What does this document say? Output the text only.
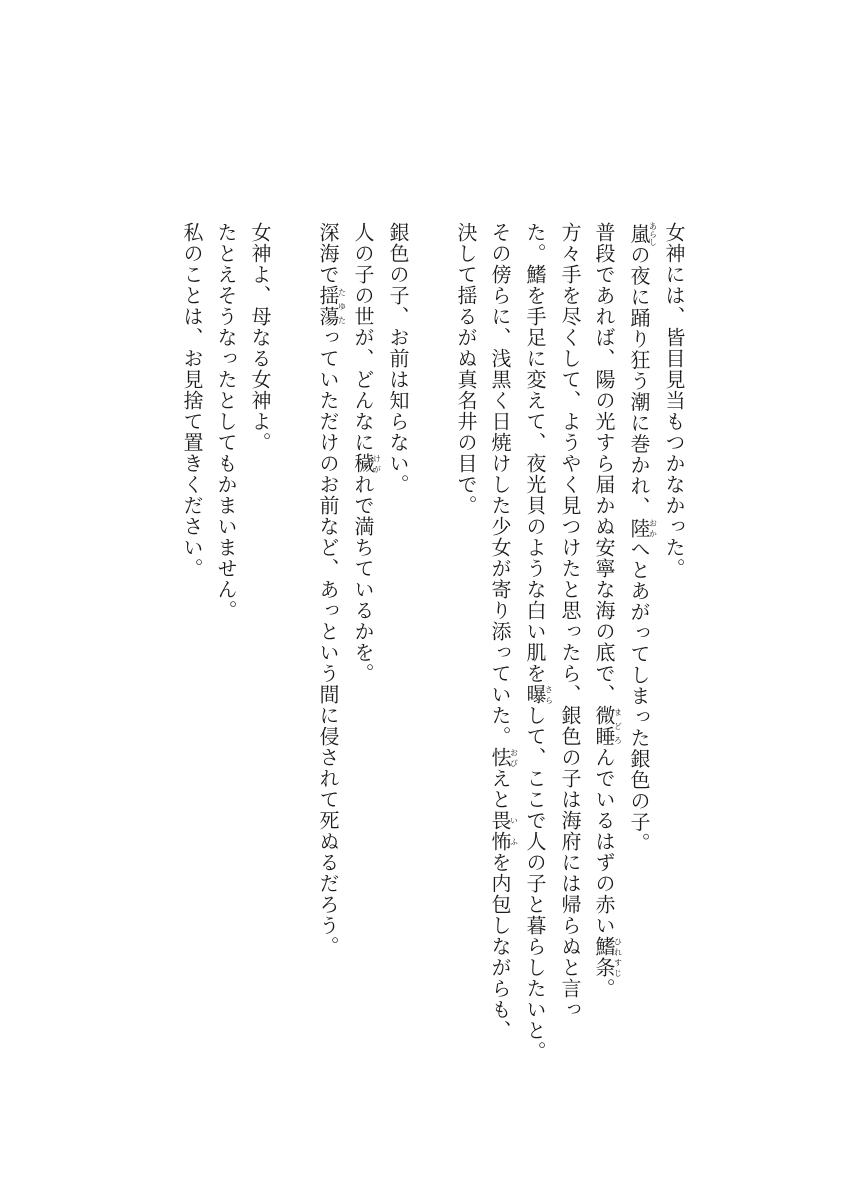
女神には、皆目見当もつかなかった。
嵐あらしの夜に踊り狂う潮に巻かれ、陸おかへとあがってしまった銀色の子。
普段であれば、陽の光すら届かぬ安寧な海の底で、微睡まどろんでいるはずの赤い鰭条ひれすじ。
方々手を尽くして、ようやく見つけたと思ったら、銀色の子は海府には帰らぬと言っ
た。鰭を手足に変えて、夜光貝のような白い肌を曝さらして、ここで人の子と暮らしたいと。
その傍らに、浅黒く日焼けした少女が寄り添っていた。怯おびえと畏怖いふを内包しながらも、
決して揺るがぬ真名井の目で。
銀色の子、お前は知らない。
人の子の世が、どんなに穢けがれで満ちているかを。
深海で揺蕩たゆたっていただけのお前など、あっという間に侵されて死ぬるだろう。
女神よ、母なる女神よ。
たとえそうなったとしてもかまいません。
私のことは、お見捨て置きください。
